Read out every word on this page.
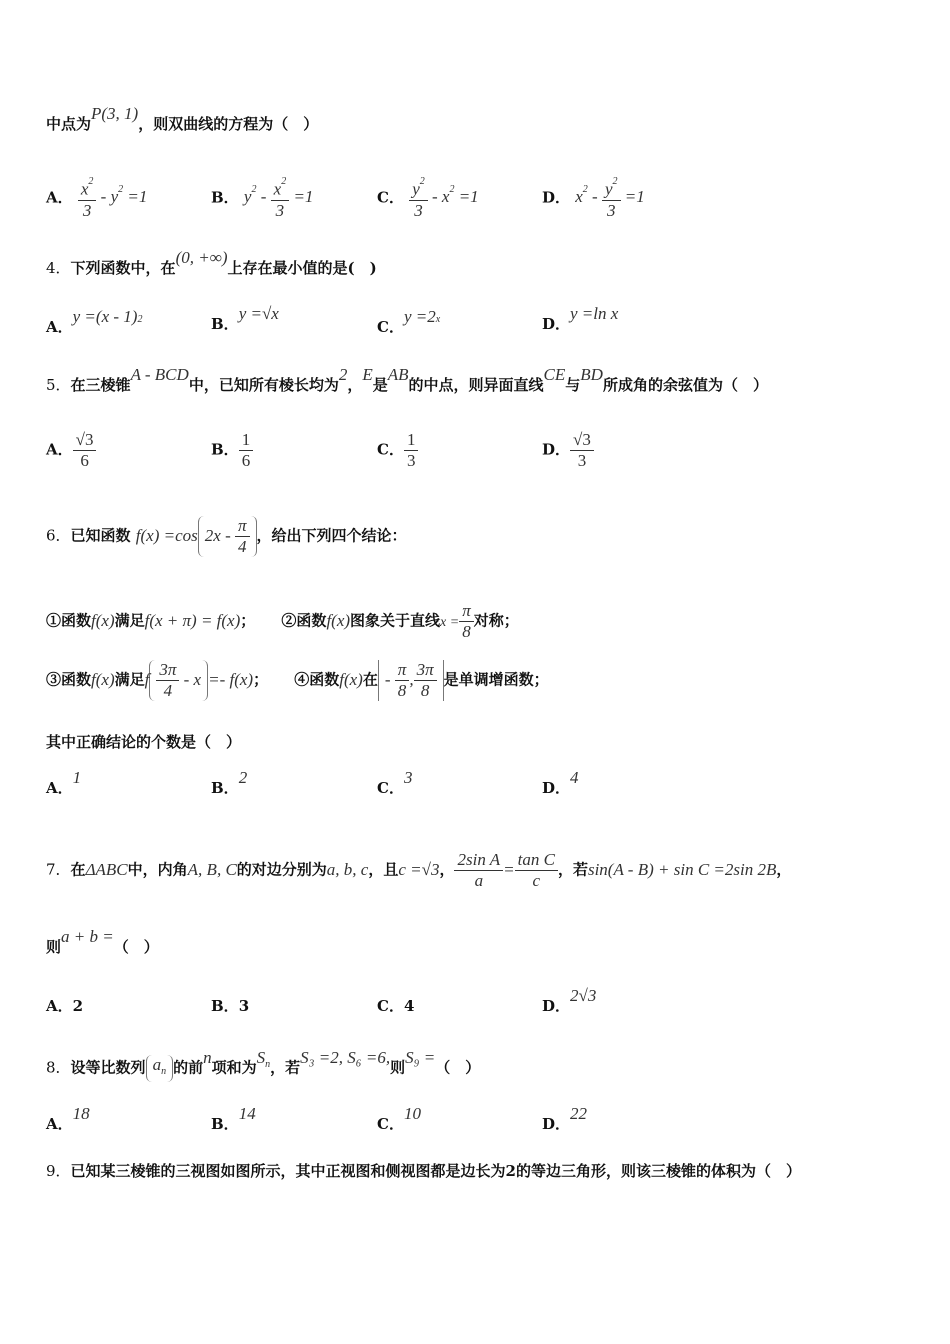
中点为P(3, 1)，则双曲线的方程为（　）
A． $\frac{x^2}{3} - y^2 =1$	B． $y^2 - \frac{x^2}{3} =1$	C． $\frac{y^2}{3} - x^2 =1$	D． $x^2 - \frac{y^2}{3} =1$
4．下列函数中，在(0, +∞)上存在最小值的是(　)
A．y =(x - 1)$^2$	B．y =√x
C．$y =2^x$	D．y =ln x
5．在三棱锥A - BCD中，已知所有棱长均为2，E是AB的中点，则异面直线CE与BD所成角的余弦值为（　）
A． $\frac{√3}{6}$	B． $\frac{1}{6}$	C． $\frac{1}{3}$	D． $\frac{√3}{3}$
6．已知函数 f(x) =cos $2x - \frac{\pi}{4}$ ，给出下列四个结论：
①函数f(x)满足f(x + π) = f(x)； ②函数f(x)图象关于直线$x = \frac{\pi}{8}$ 对称；
③函数f(x)满足f $\frac{3\pi}{4} - x =- f(x)$； ④函数f(x)在 - $\frac{\pi}{8}$ , $\frac{3\pi}{8}$ 是单调增函数；
其中正确结论的个数是（　）
A．1
B．2
C．3
D．4
7．在ΔABC中，内角A, B, C的对边分别为a, b, c，且c =√3， $\frac{\text{2sin A}}{a} = \frac{\text{tan C}}{c}$ ，若sin(A - B) + sin C =2sin 2B，
则a + b =（　）
A．2	B．3	C．4	D．2√3
8．设等比数列 $a_n$ 的前n项和为$S_n$，若S₃ =2, S₆ =6,则S₉ =（　）
A．18
B．14
C．10
D．22
9．已知某三棱锥的三视图如图所示，其中正视图和侧视图都是边长为2的等边三角形，则该三棱锥的体积为（　）
